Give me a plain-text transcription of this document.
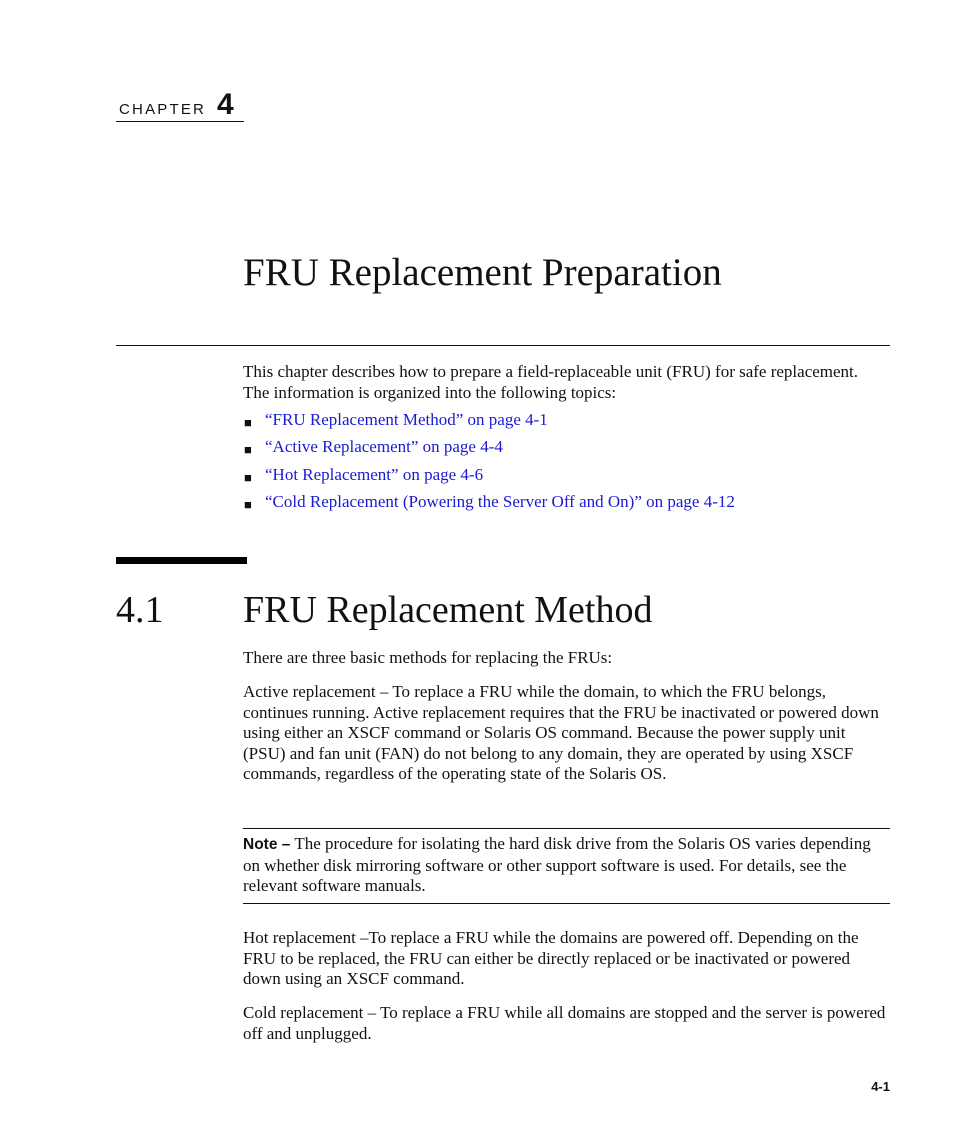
CHAPTER 4
FRU Replacement Preparation
This chapter describes how to prepare a field-replaceable unit (FRU) for safe replacement. The information is organized into the following topics:
■ “FRU Replacement Method” on page 4-1
■ “Active Replacement” on page 4-4
■ “Hot Replacement” on page 4-6
■ “Cold Replacement (Powering the Server Off and On)” on page 4-12
4.1 FRU Replacement Method
There are three basic methods for replacing the FRUs:
Active replacement – To replace a FRU while the domain, to which the FRU belongs, continues running. Active replacement requires that the FRU be inactivated or powered down using either an XSCF command or Solaris OS command. Because the power supply unit (PSU) and fan unit (FAN) do not belong to any domain, they are operated by using XSCF commands, regardless of the operating state of the Solaris OS.
Note – The procedure for isolating the hard disk drive from the Solaris OS varies depending on whether disk mirroring software or other support software is used. For details, see the relevant software manuals.
Hot replacement –To replace a FRU while the domains are powered off. Depending on the FRU to be replaced, the FRU can either be directly replaced or be inactivated or powered down using an XSCF command.
Cold replacement – To replace a FRU while all domains are stopped and the server is powered off and unplugged.
4-1
